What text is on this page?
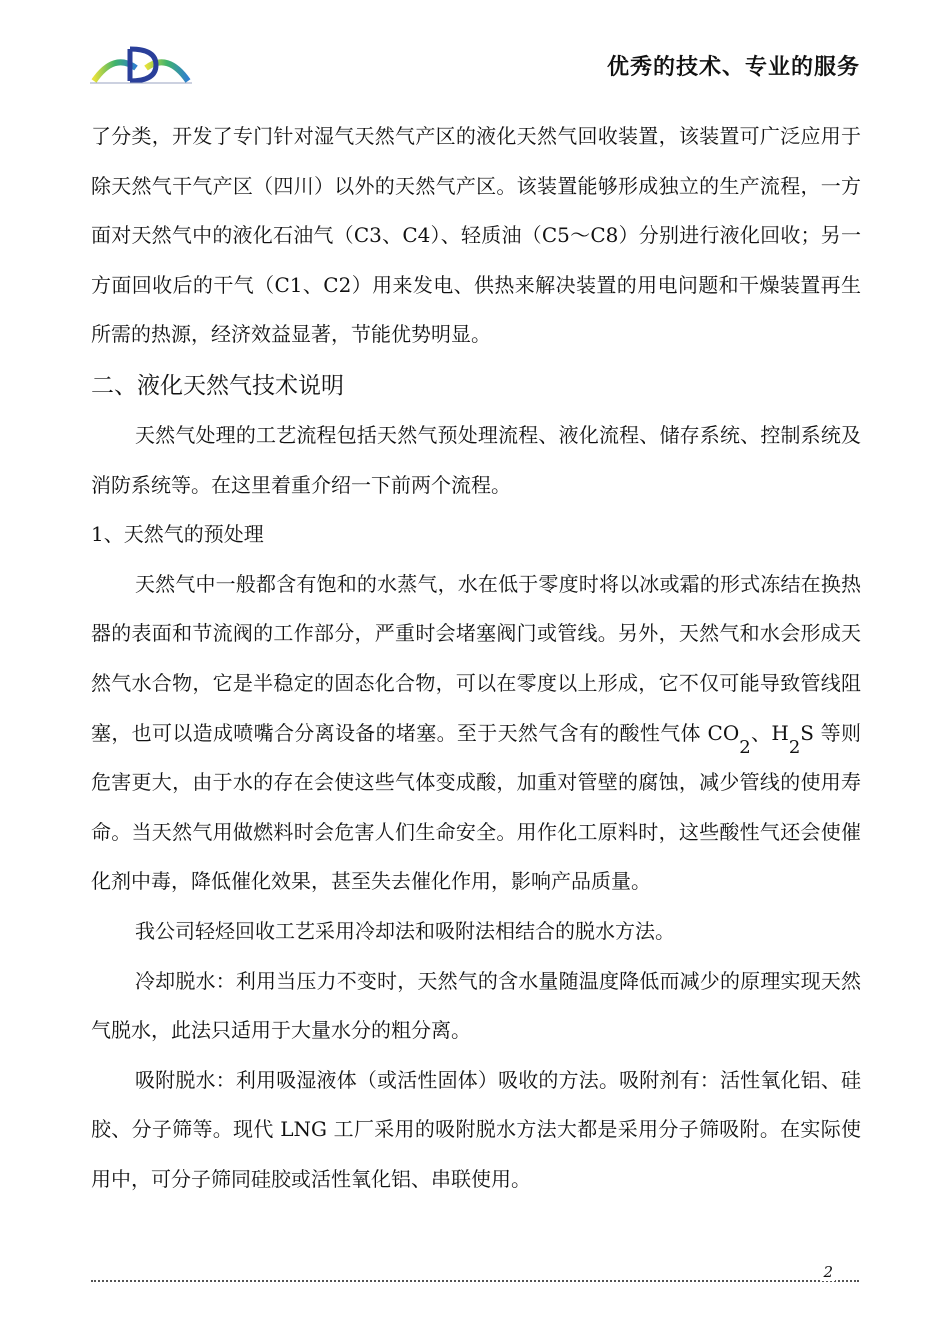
优秀的技术、专业的服务

了分类，开发了专门针对湿气天然气产区的液化天然气回收装置，该装置可广泛应用于除天然气干气产区（四川）以外的天然气产区。该装置能够形成独立的生产流程，一方面对天然气中的液化石油气（C3、C4）、轻质油（C5～C8）分别进行液化回收；另一方面回收后的干气（C1、C2）用来发电、供热来解决装置的用电问题和干燥装置再生所需的热源，经济效益显著，节能优势明显。

二、液化天然气技术说明

天然气处理的工艺流程包括天然气预处理流程、液化流程、储存系统、控制系统及消防系统等。在这里着重介绍一下前两个流程。

1、天然气的预处理

天然气中一般都含有饱和的水蒸气，水在低于零度时将以冰或霜的形式冻结在换热器的表面和节流阀的工作部分，严重时会堵塞阀门或管线。另外，天然气和水会形成天然气水合物，它是半稳定的固态化合物，可以在零度以上形成，它不仅可能导致管线阻塞，也可以造成喷嘴合分离设备的堵塞。至于天然气含有的酸性气体 CO2、H2S 等则危害更大，由于水的存在会使这些气体变成酸，加重对管壁的腐蚀，减少管线的使用寿命。当天然气用做燃料时会危害人们生命安全。用作化工原料时，这些酸性气还会使催化剂中毒，降低催化效果，甚至失去催化作用，影响产品质量。

我公司轻烃回收工艺采用冷却法和吸附法相结合的脱水方法。

冷却脱水：利用当压力不变时，天然气的含水量随温度降低而减少的原理实现天然气脱水，此法只适用于大量水分的粗分离。

吸附脱水：利用吸湿液体（或活性固体）吸收的方法。吸附剂有：活性氧化铝、硅胶、分子筛等。现代 LNG 工厂采用的吸附脱水方法大都是采用分子筛吸附。在实际使用中，可分子筛同硅胶或活性氧化铝、串联使用。

2
